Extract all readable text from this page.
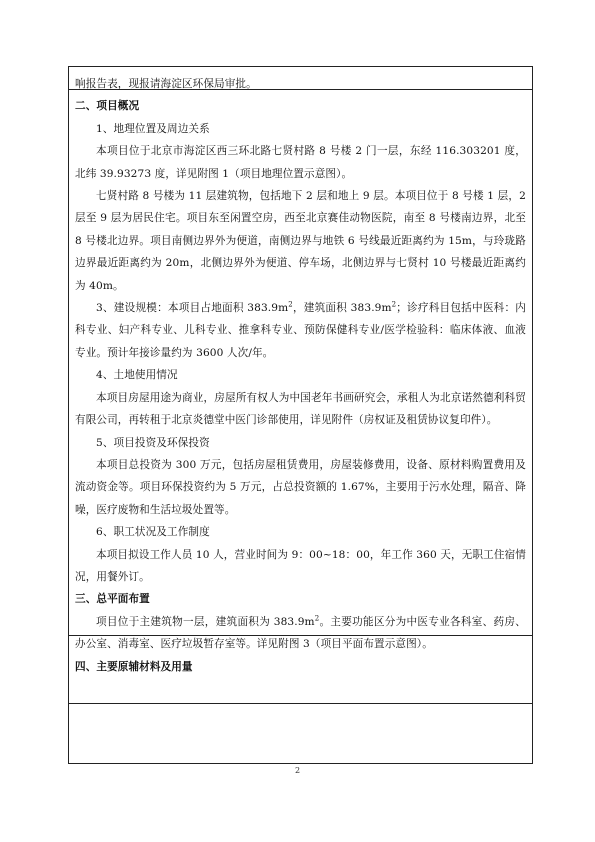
响报告表，现报请海淀区环保局审批。

二、项目概况

1、地理位置及周边关系

本项目位于北京市海淀区西三环北路七贤村路 8 号楼 2 门一层，东经 116.303201 度，北纬 39.93273 度，详见附图 1（项目地理位置示意图）。

七贤村路 8 号楼为 11 层建筑物，包括地下 2 层和地上 9 层。本项目位于 8 号楼 1 层，2 层至 9 层为居民住宅。项目东至闲置空房，西至北京赛佳动物医院，南至 8 号楼南边界，北至 8 号楼北边界。项目南侧边界外为便道，南侧边界与地铁 6 号线最近距离约为 15m，与玲珑路边界最近距离约为 20m，北侧边界外为便道、停车场，北侧边界与七贤村 10 号楼最近距离约为 40m。

3、建设规模：本项目占地面积 $383.9m^2$，建筑面积 $383.9m^2$；诊疗科目包括中医科：内科专业、妇产科专业、儿科专业、推拿科专业、预防保健科专业/医学检验科：临床体液、血液专业。预计年接诊量约为 3600 人次/年。

4、土地使用情况

本项目房屋用途为商业，房屋所有权人为中国老年书画研究会，承租人为北京诺然德利科贸有限公司，再转租于北京炎德堂中医门诊部使用，详见附件（房权证及租赁协议复印件）。

5、项目投资及环保投资

本项目总投资为 300 万元，包括房屋租赁费用，房屋装修费用，设备、原材料购置费用及流动资金等。项目环保投资约为 5 万元，占总投资额的 1.67%，主要用于污水处理，隔音、降噪，医疗废物和生活垃圾处置等。

6、职工状况及工作制度

本项目拟设工作人员 10 人，营业时间为 9：00~18：00，年工作 360 天，无职工住宿情况，用餐外订。

三、总平面布置

项目位于主建筑物一层，建筑面积为 $383.9m^2$。主要功能区分为中医专业各科室、药房、办公室、消毒室、医疗垃圾暂存室等。详见附图 3（项目平面布置示意图）。

四、主要原辅材料及用量

2
